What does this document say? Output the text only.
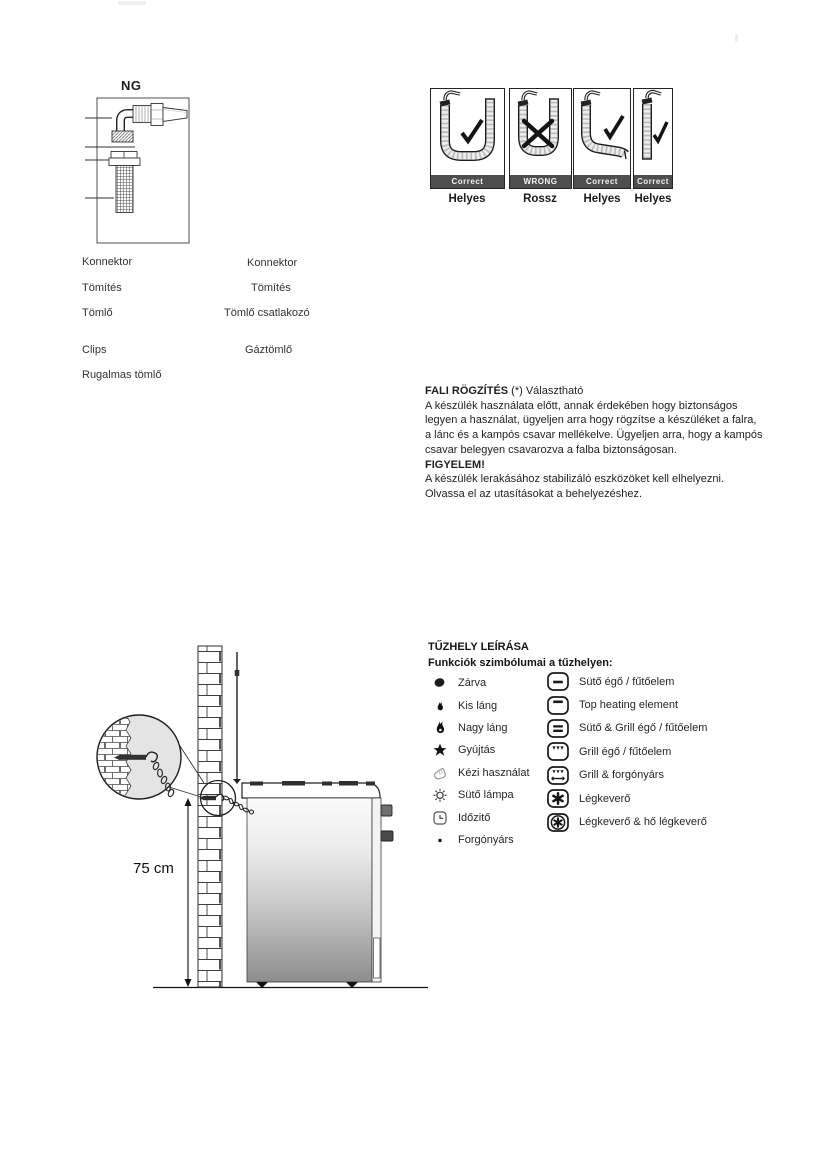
NG
Correct	WRONG	Correct	Correct
Helyes	Rossz	Helyes	Helyes
Konnektor
Tömítés
Tömlő
Clips
Rugalmas tömlő
Konnektor
Tömítés
Tömlő csatlakozó
Gáztömlő
FALI RÖGZÍTÉS (*) Választható
A készülék használata előtt, annak érdekében hogy biztonságos
legyen a használat, ügyeljen arra hogy rögzítse a készüléket a falra,
a lánc és a kampós csavar mellékelve. Ügyeljen arra, hogy a kampós
csavar belegyen csavarozva a falba biztonságosan.
FIGYELEM!
A készülék lerakásához stabilizáló eszközöket kell elhelyezni.
Olvassa el az utasításokat a behelyezéshez.
75 cm
TŰZHELY LEÍRÁSA
Funkciók szimbólumai a tűzhelyen:
Zárva
Kis láng
Nagy láng
Gyújtás
Kézi használat
Sütő lámpa
Időzitő
Forgónyárs
Sütő égő / fűtőelem
Top heating element
Sütő & Grill égő / fűtőelem
Grill égő / fűtőelem
Grill & forgónyárs
Légkeverő
Légkeverő & hő légkeverő
